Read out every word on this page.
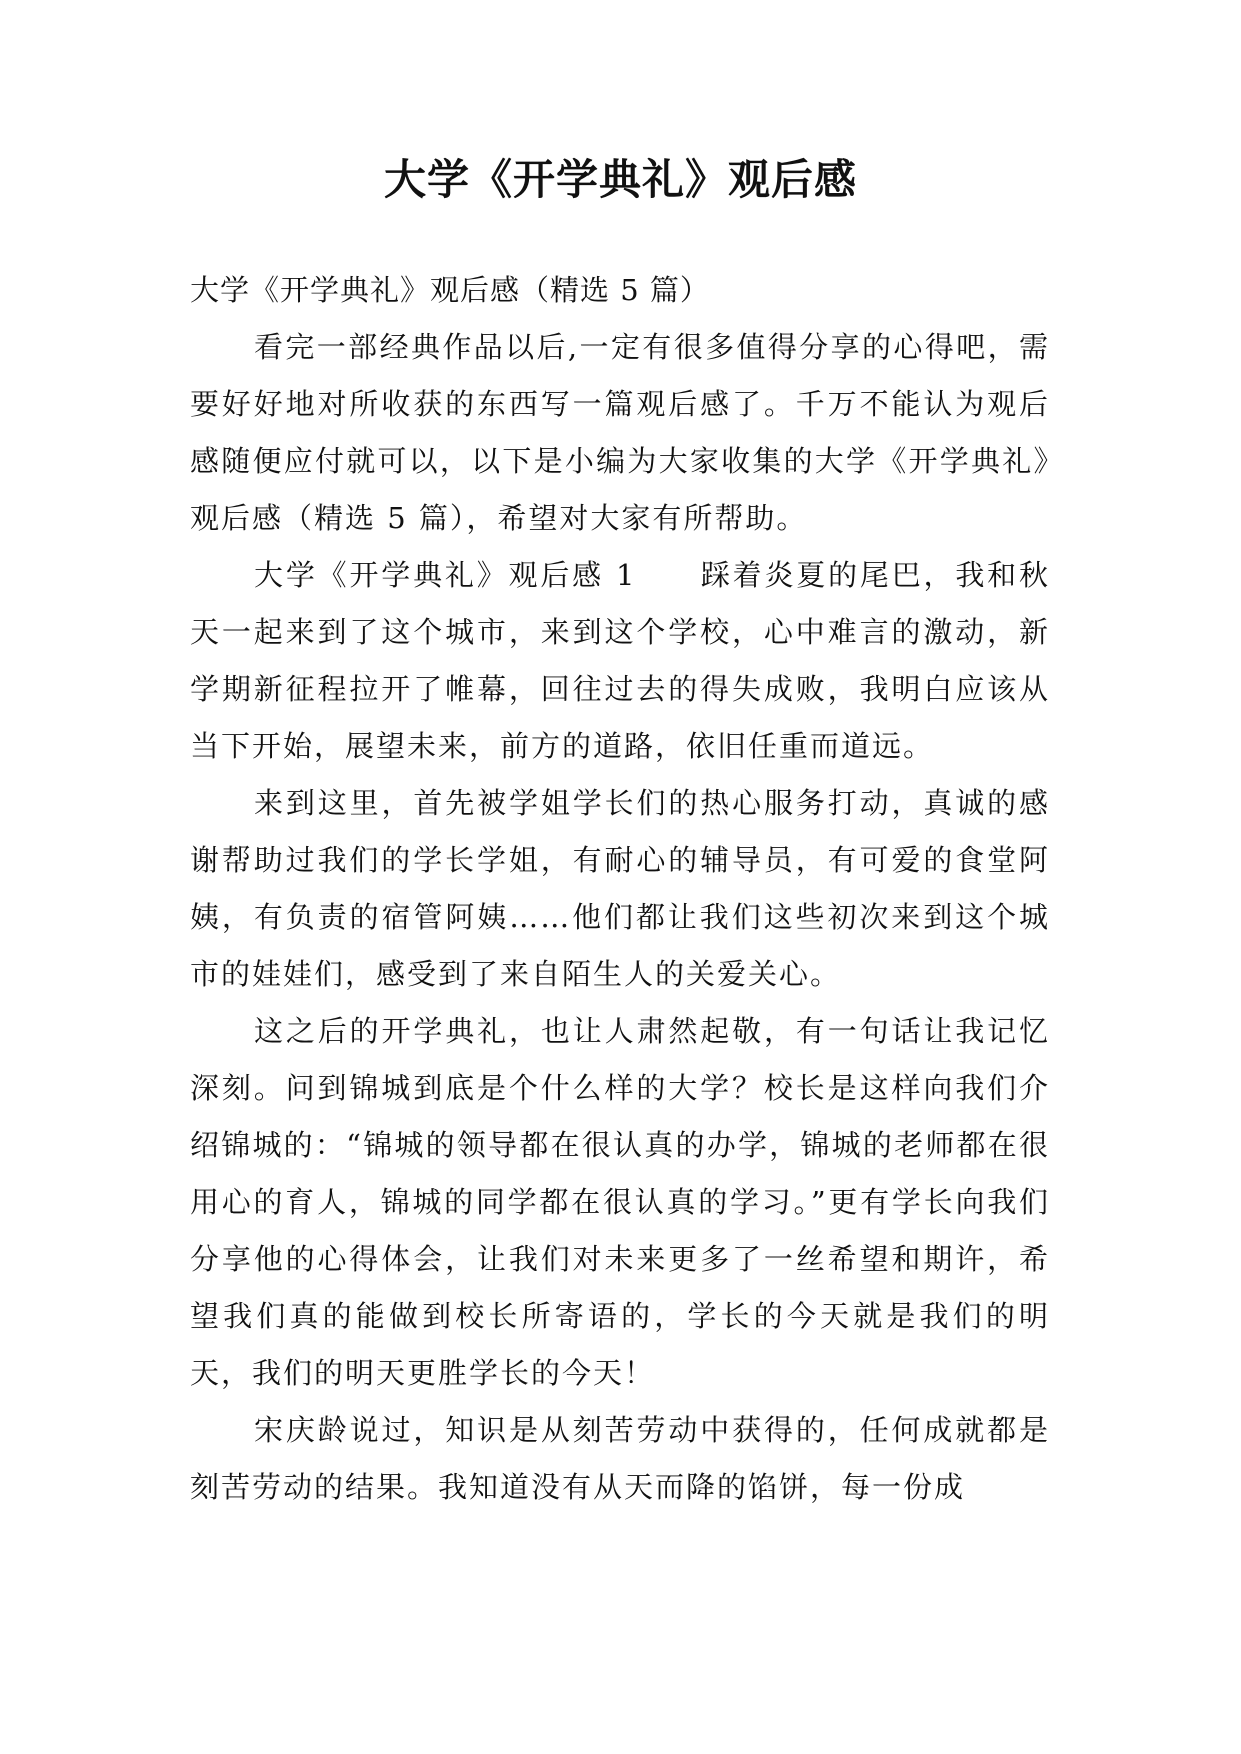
大学《开学典礼》观后感

大学《开学典礼》观后感（精选 5 篇）

看完一部经典作品以后,一定有很多值得分享的心得吧，需要好好地对所收获的东西写一篇观后感了。千万不能认为观后感随便应付就可以，以下是小编为大家收集的大学《开学典礼》观后感（精选 5 篇），希望对大家有所帮助。

大学《开学典礼》观后感 1　　踩着炎夏的尾巴，我和秋天一起来到了这个城市，来到这个学校，心中难言的激动，新学期新征程拉开了帷幕，回往过去的得失成败，我明白应该从当下开始，展望未来，前方的道路，依旧任重而道远。

来到这里，首先被学姐学长们的热心服务打动，真诚的感谢帮助过我们的学长学姐，有耐心的辅导员，有可爱的食堂阿姨，有负责的宿管阿姨……他们都让我们这些初次来到这个城市的娃娃们，感受到了来自陌生人的关爱关心。

这之后的开学典礼，也让人肃然起敬，有一句话让我记忆深刻。问到锦城到底是个什么样的大学？校长是这样向我们介绍锦城的：“锦城的领导都在很认真的办学，锦城的老师都在很用心的育人，锦城的同学都在很认真的学习。”更有学长向我们分享他的心得体会，让我们对未来更多了一丝希望和期许，希望我们真的能做到校长所寄语的，学长的今天就是我们的明天，我们的明天更胜学长的今天！

宋庆龄说过，知识是从刻苦劳动中获得的，任何成就都是刻苦劳动的结果。我知道没有从天而降的馅饼，每一份成
